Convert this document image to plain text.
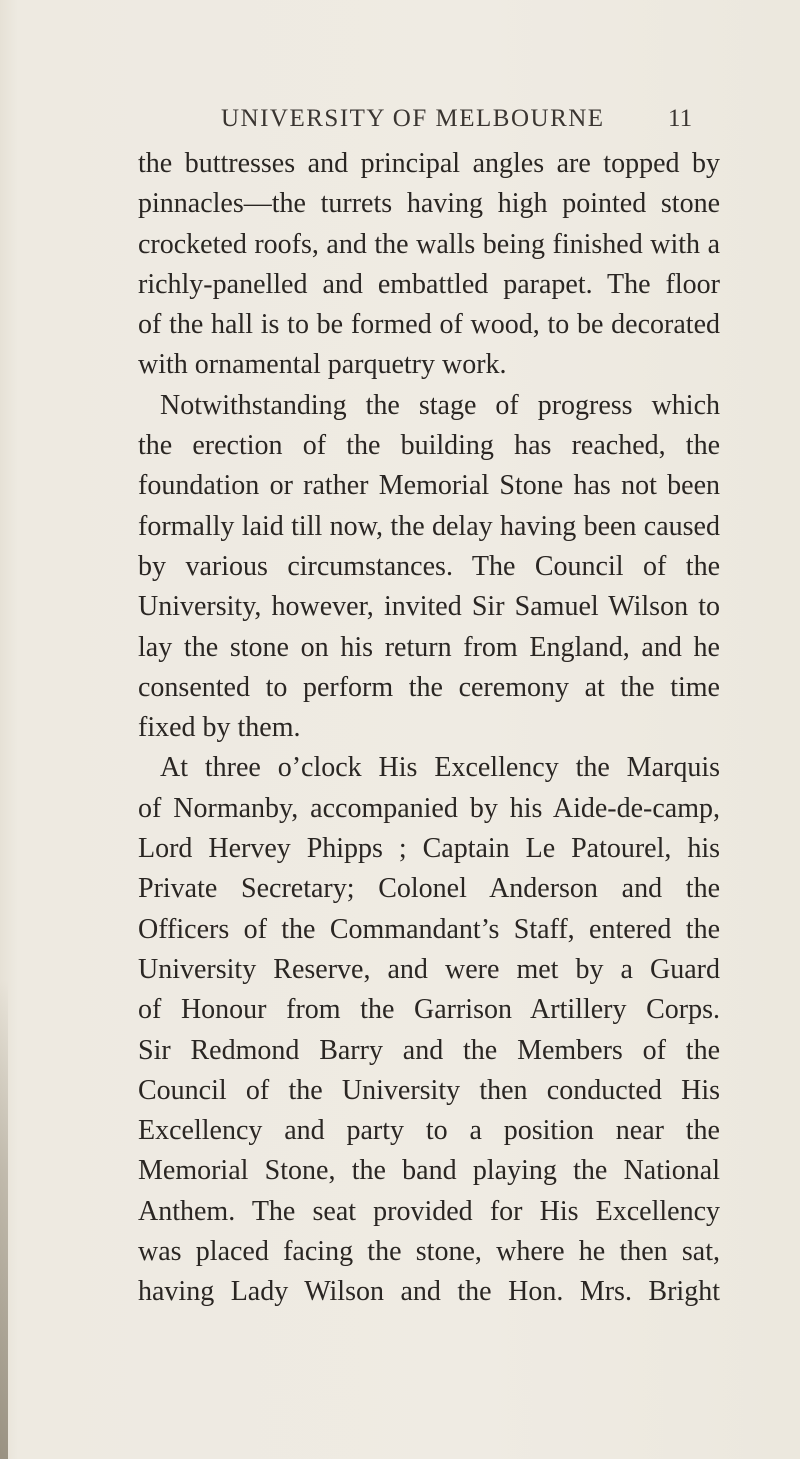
UNIVERSITY OF MELBOURNE	11
the buttresses and principal angles are topped by
pinnacles—the turrets having high pointed stone
crocketed roofs, and the walls being finished with a
richly-panelled and embattled parapet. The floor
of the hall is to be formed of wood, to be decorated
with ornamental parquetry work.
Notwithstanding the stage of progress which
the erection of the building has reached, the
foundation or rather Memorial Stone has not been
formally laid till now, the delay having been caused
by various circumstances. The Council of the
University, however, invited Sir Samuel Wilson to
lay the stone on his return from England, and he
consented to perform the ceremony at the time
fixed by them.
At three o’clock His Excellency the Marquis
of Normanby, accompanied by his Aide-de-camp,
Lord Hervey Phipps ; Captain Le Patourel, his
Private Secretary; Colonel Anderson and the
Officers of the Commandant’s Staff, entered the
University Reserve, and were met by a Guard
of Honour from the Garrison Artillery Corps.
Sir Redmond Barry and the Members of the
Council of the University then conducted His
Excellency and party to a position near the
Memorial Stone, the band playing the National
Anthem. The seat provided for His Excellency
was placed facing the stone, where he then sat,
having Lady Wilson and the Hon. Mrs. Bright
